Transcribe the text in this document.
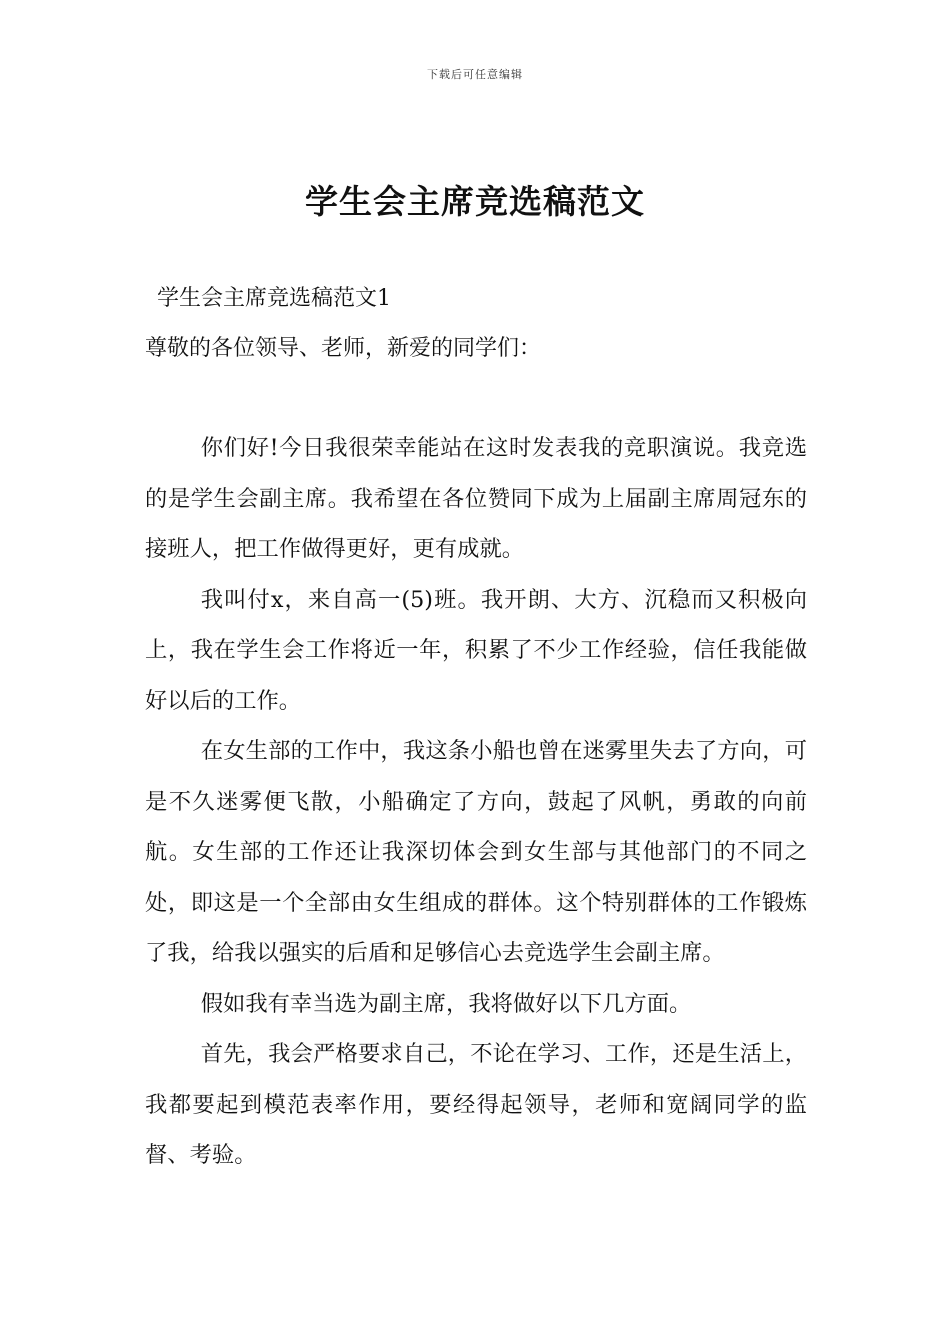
下载后可任意编辑
学生会主席竞选稿范文
学生会主席竞选稿范文1
尊敬的各位领导、老师，新爱的同学们：

你们好!今日我很荣幸能站在这时发表我的竞职演说。我竞选的是学生会副主席。我希望在各位赞同下成为上届副主席周冠东的接班人，把工作做得更好，更有成就。

我叫付x，来自高一(5)班。我开朗、大方、沉稳而又积极向上，我在学生会工作将近一年，积累了不少工作经验，信任我能做好以后的工作。

在女生部的工作中，我这条小船也曾在迷雾里失去了方向，可是不久迷雾便飞散，小船确定了方向，鼓起了风帆，勇敢的向前航。女生部的工作还让我深切体会到女生部与其他部门的不同之处，即这是一个全部由女生组成的群体。这个特别群体的工作锻炼了我，给我以强实的后盾和足够信心去竞选学生会副主席。

假如我有幸当选为副主席，我将做好以下几方面。

首先，我会严格要求自己，不论在学习、工作，还是生活上，我都要起到模范表率作用，要经得起领导，老师和宽阔同学的监督、考验。
